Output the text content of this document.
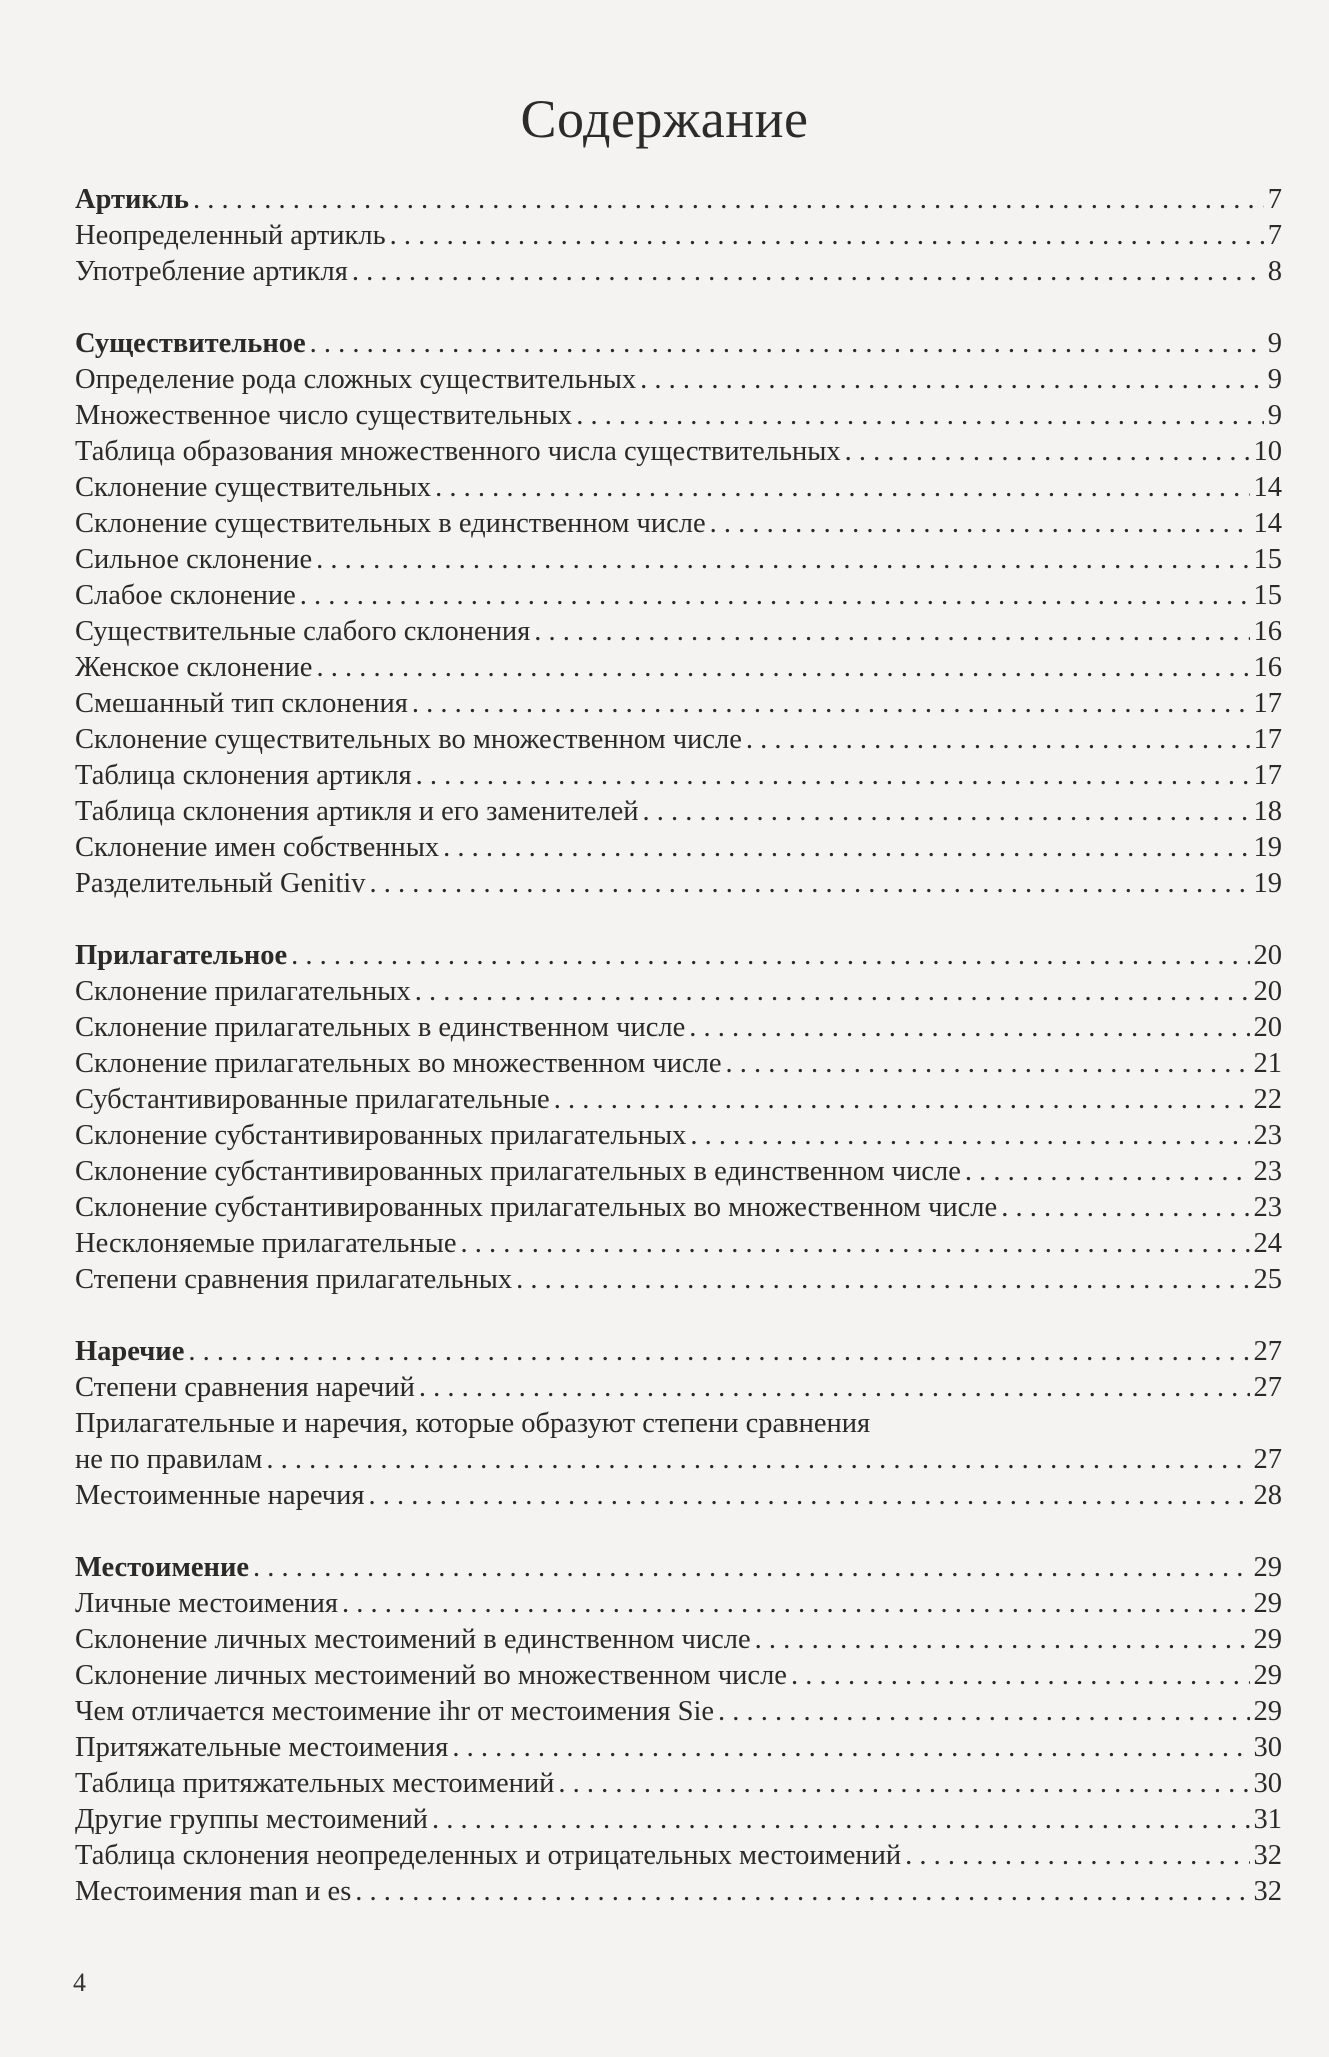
Содержание
Артикль . . .	7
Неопределенный артикль . . .	7
Употребление артикля . . .	8
Существительное . . .	9
Определение рода сложных существительных . . .	9
Множественное число существительных . . .	9
Таблица образования множественного числа существительных . . .	10
Склонение существительных . . .	14
Склонение существительных в единственном числе . . .	14
Сильное склонение . . .	15
Слабое склонение . . .	15
Существительные слабого склонения . . .	16
Женское склонение . . .	16
Смешанный тип склонения . . .	17
Склонение существительных во множественном числе . . .	17
Таблица склонения артикля . . .	17
Таблица склонения артикля и его заменителей . . .	18
Склонение имен собственных . . .	19
Разделительный Genitiv . . .	19
Прилагательное . . .	20
Склонение прилагательных . . .	20
Склонение прилагательных в единственном числе . . .	20
Склонение прилагательных во множественном числе . . .	21
Субстантивированные прилагательные . . .	22
Склонение субстантивированных прилагательных . . .	23
Склонение субстантивированных прилагательных в единственном числе . . .	23
Склонение субстантивированных прилагательных во множественном числе . . .	23
Несклоняемые прилагательные . . .	24
Степени сравнения прилагательных . . .	25
Наречие . . .	27
Степени сравнения наречий . . .	27
Прилагательные и наречия, которые образуют степени сравнения
не по правилам . . .	27
Местоименные наречия . . .	28
Местоимение . . .	29
Личные местоимения . . .	29
Склонение личных местоимений в единственном числе . . .	29
Склонение личных местоимений во множественном числе . . .	29
Чем отличается местоимение ihr от местоимения Sie . . .	29
Притяжательные местоимения . . .	30
Таблица притяжательных местоимений . . .	30
Другие группы местоимений . . .	31
Таблица склонения неопределенных и отрицательных местоимений . . .	32
Местоимения man и es . . .	32
4
